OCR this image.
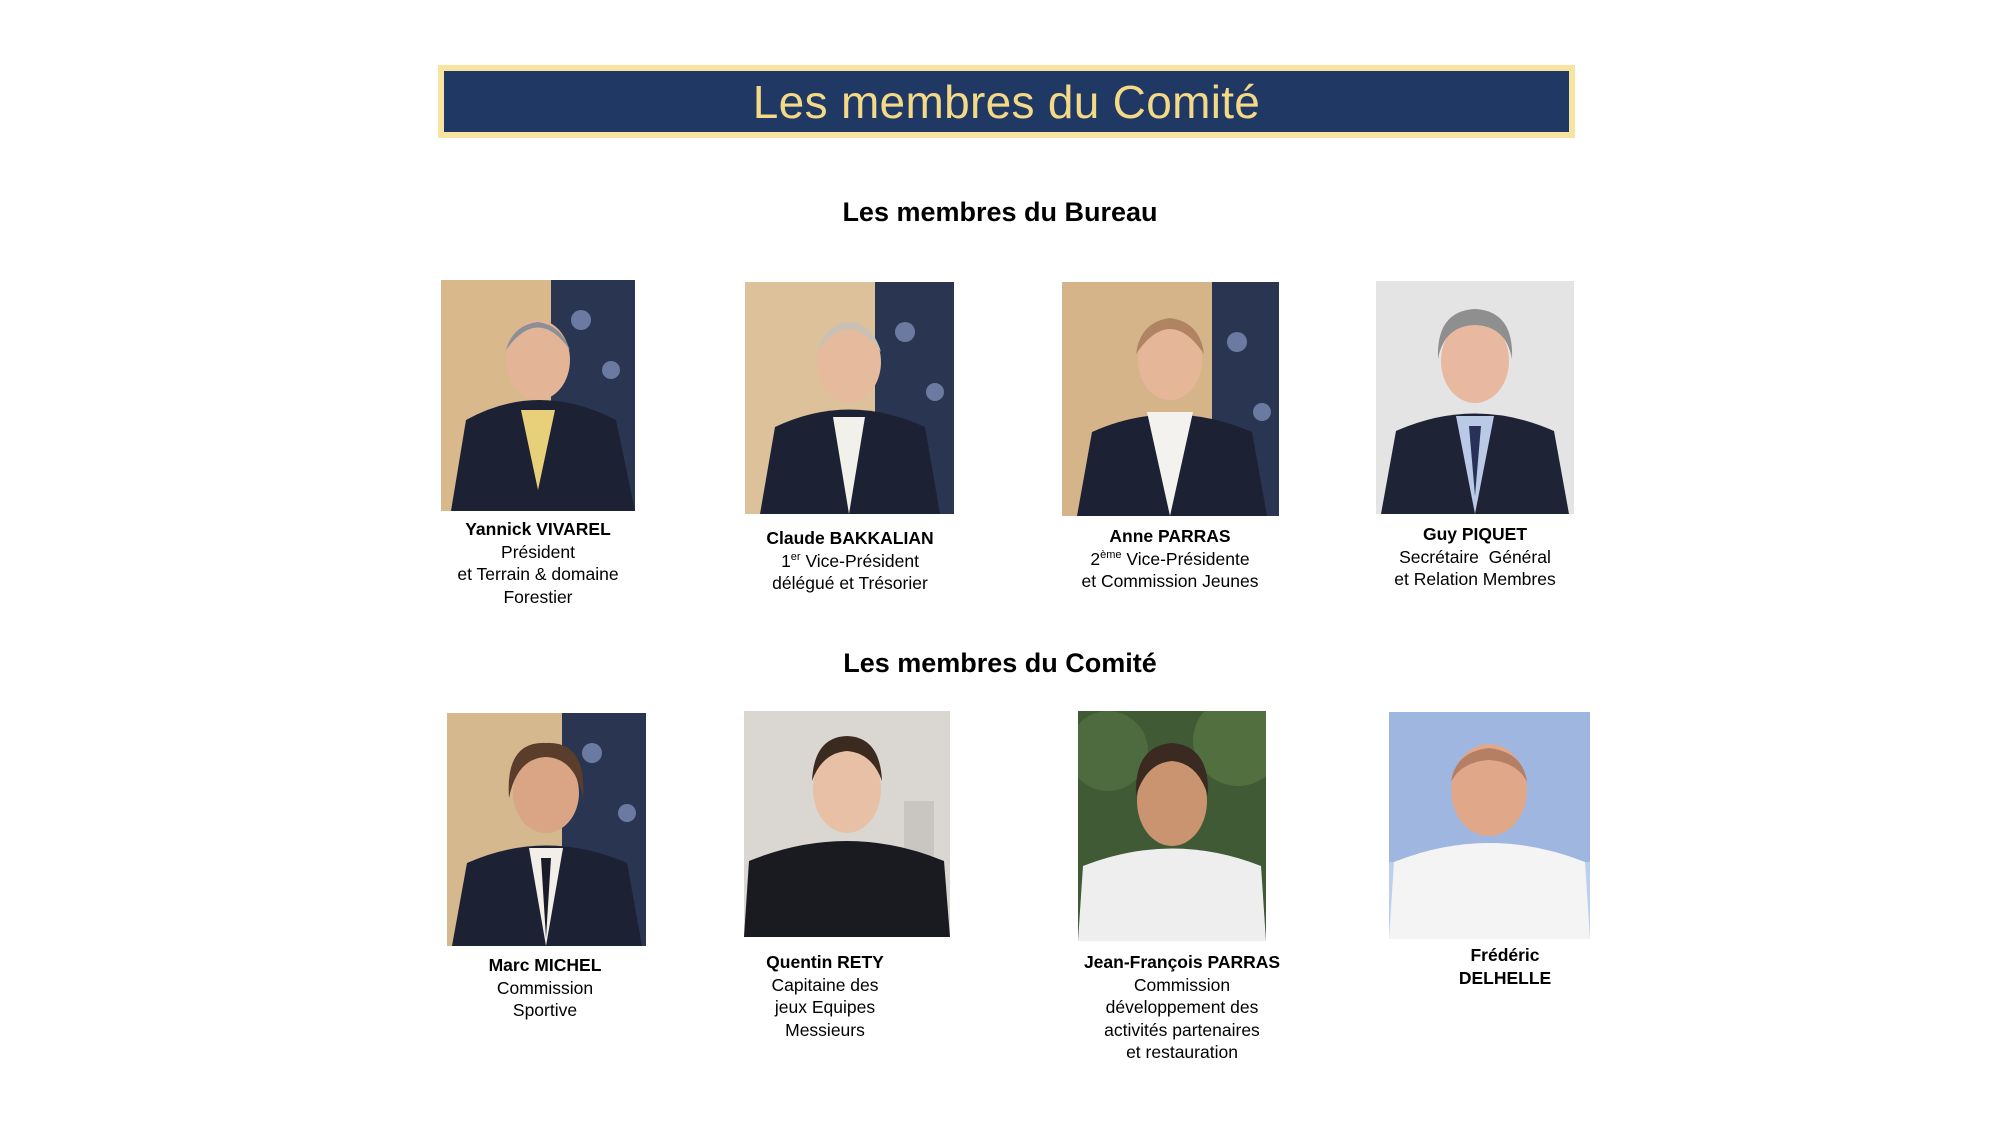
Les membres du Comité
Les membres du Bureau
Yannick VIVAREL
Président
et Terrain & domaine
Forestier
Claude BAKKALIAN
1er Vice-Président
délégué et Trésorier
Anne PARRAS
2ème Vice-Présidente
et Commission Jeunes
Guy PIQUET
Secrétaire  Général
et Relation Membres
Les membres du Comité
Marc MICHEL
Commission
Sportive
Quentin RETY
Capitaine des
jeux Equipes
Messieurs
Jean-François PARRAS
Commission
développement des
activités partenaires
et restauration
Frédéric
DELHELLE
